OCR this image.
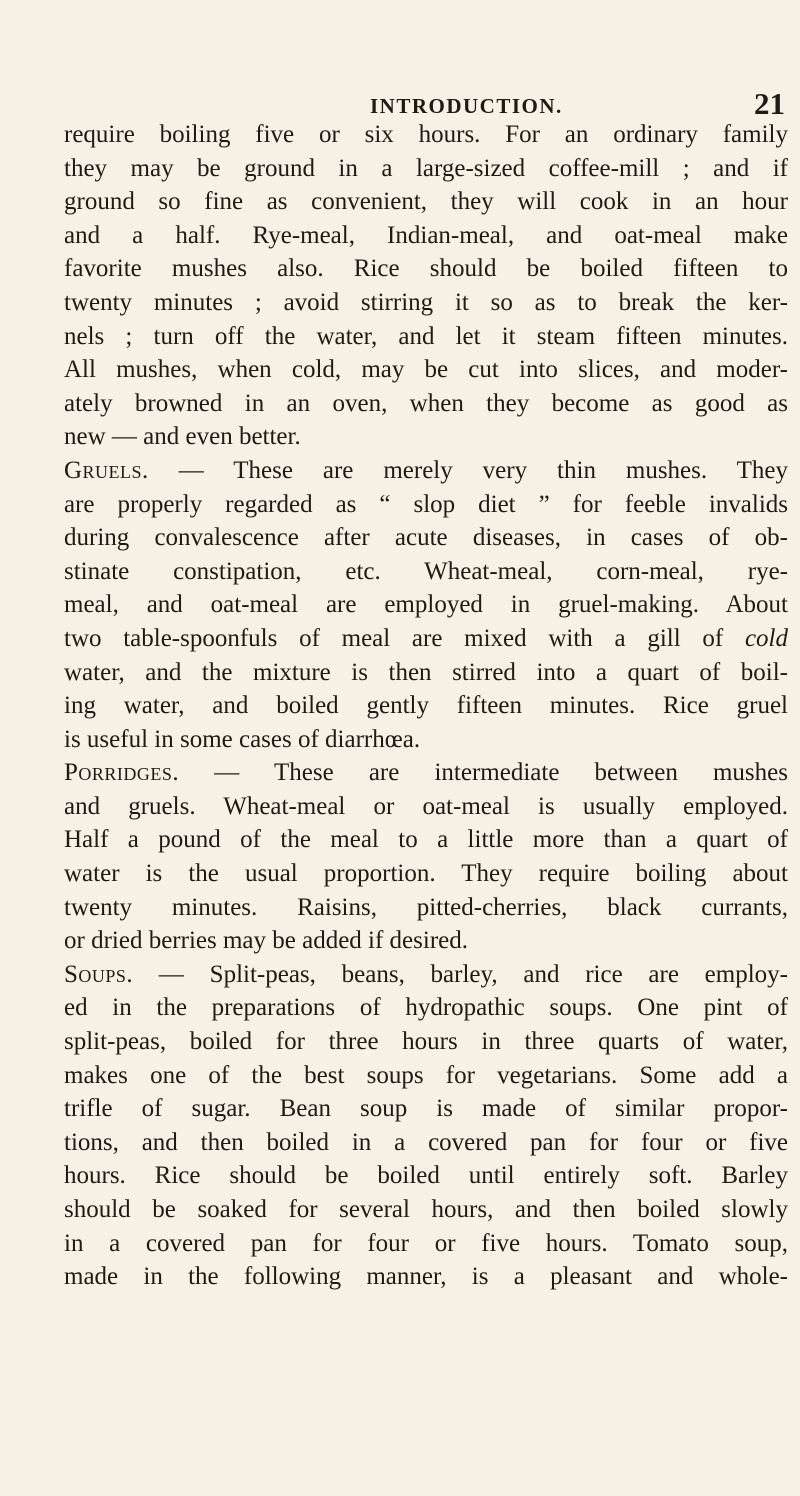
INTRODUCTION.	21
require boiling five or six hours. For an ordinary family
they may be ground in a large-sized coffee-mill ; and if
ground so fine as convenient, they will cook in an hour
and a half. Rye-meal, Indian-meal, and oat-meal make
favorite mushes also. Rice should be boiled fifteen to
twenty minutes ; avoid stirring it so as to break the ker-
nels ; turn off the water, and let it steam fifteen minutes.
All mushes, when cold, may be cut into slices, and moder-
ately browned in an oven, when they become as good as
new — and even better.
Gruels. — These are merely very thin mushes. They
are properly regarded as “ slop diet ” for feeble invalids
during convalescence after acute diseases, in cases of ob-
stinate constipation, etc. Wheat-meal, corn-meal, rye-
meal, and oat-meal are employed in gruel-making. About
two table-spoonfuls of meal are mixed with a gill of cold
water, and the mixture is then stirred into a quart of boil-
ing water, and boiled gently fifteen minutes. Rice gruel
is useful in some cases of diarrhœa.
Porridges. — These are intermediate between mushes
and gruels. Wheat-meal or oat-meal is usually employed.
Half a pound of the meal to a little more than a quart of
water is the usual proportion. They require boiling about
twenty minutes. Raisins, pitted-cherries, black currants,
or dried berries may be added if desired.
Soups. — Split-peas, beans, barley, and rice are employ-
ed in the preparations of hydropathic soups. One pint of
split-peas, boiled for three hours in three quarts of water,
makes one of the best soups for vegetarians. Some add a
trifle of sugar. Bean soup is made of similar propor-
tions, and then boiled in a covered pan for four or five
hours. Rice should be boiled until entirely soft. Barley
should be soaked for several hours, and then boiled slowly
in a covered pan for four or five hours. Tomato soup,
made in the following manner, is a pleasant and whole-
